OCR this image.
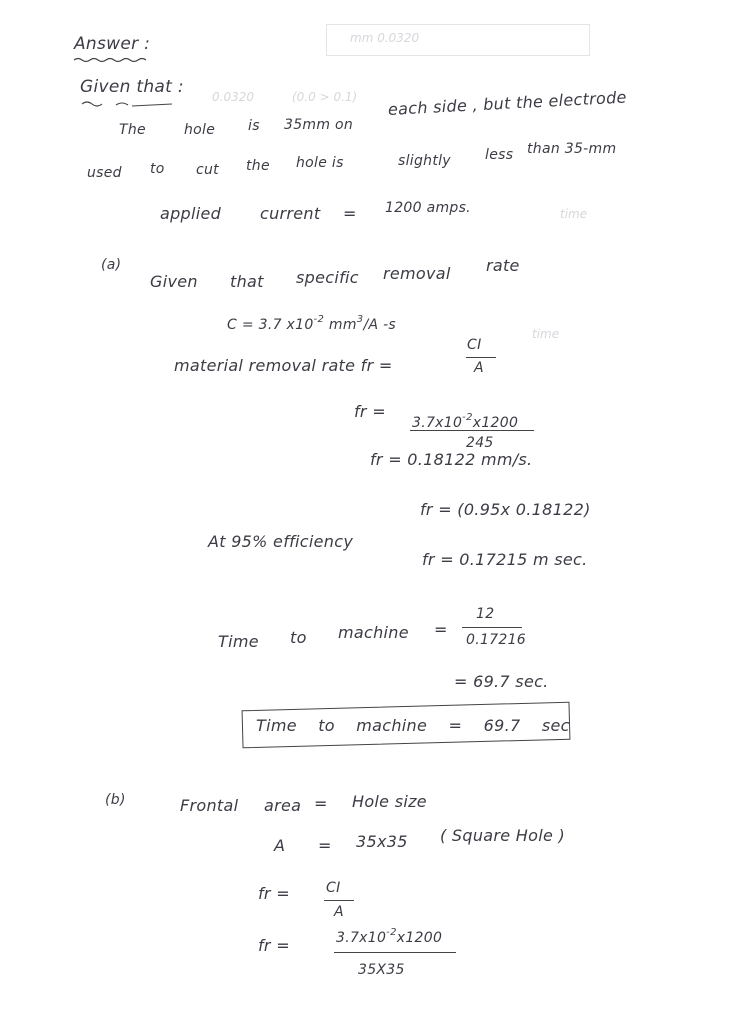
mm 0.0320
0.0320	(0.0 > 0.1)
time
time
Answer :
Given that :
The	hole is 35mm on
each side , but the electrode
used to cut the hole is	slightly less than 35-mm
applied current = 1200 amps.
(a)
Given that specific removal rate
C = 3.7 $x10^{-2}$ $mm^3/A$ -s
material removal rate fr =
CI
A
fr =
$3.7x10^{-2}x1200$
245
fr = 0.18122 mm/s.
At 95% efficiency
fr = (0.95x 0.18122)
fr = 0.17215 m sec.
Time to machine =
12
0.17216
= 69.7 sec.
Time to machine = 69.7 sec
(b)	Frontal area = Hole size
A = 35x35 ( Square Hole )
fr =	CI
A
fr =	$3.7x10^{-2}x1200$
35X35
